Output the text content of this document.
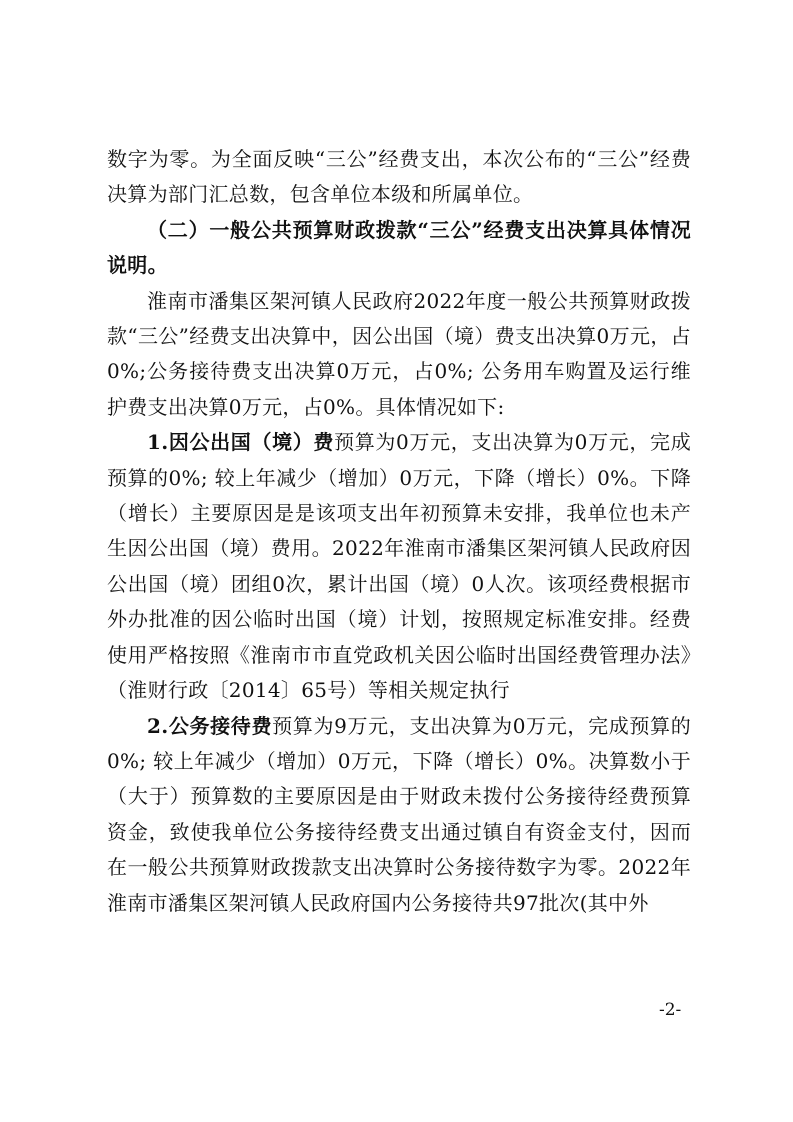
数字为零。为全面反映“三公”经费支出，本次公布的“三公”经费决算为部门汇总数，包含单位本级和所属单位。

（二）一般公共预算财政拨款“三公”经费支出决算具体情况说明。

淮南市潘集区架河镇人民政府2022年度一般公共预算财政拨款“三公”经费支出决算中，因公出国（境）费支出决算0万元，占0%;公务接待费支出决算0万元，占0%; 公务用车购置及运行维护费支出决算0万元，占0%。具体情况如下:

1.因公出国（境）费预算为0万元，支出决算为0万元，完成预算的0%; 较上年减少（增加）0万元，下降（增长）0%。下降（增长）主要原因是是该项支出年初预算未安排，我单位也未产生因公出国（境）费用。2022年淮南市潘集区架河镇人民政府因公出国（境）团组0次，累计出国（境）0人次。该项经费根据市外办批准的因公临时出国（境）计划，按照规定标准安排。经费使用严格按照《淮南市市直党政机关因公临时出国经费管理办法》（淮财行政〔2014〕65号）等相关规定执行

2.公务接待费预算为9万元，支出决算为0万元，完成预算的0%; 较上年减少（增加）0万元，下降（增长）0%。决算数小于（大于）预算数的主要原因是由于财政未拨付公务接待经费预算资金，致使我单位公务接待经费支出通过镇自有资金支付，因而在一般公共预算财政拨款支出决算时公务接待数字为零。2022年淮南市潘集区架河镇人民政府国内公务接待共97批次(其中外

-2-
